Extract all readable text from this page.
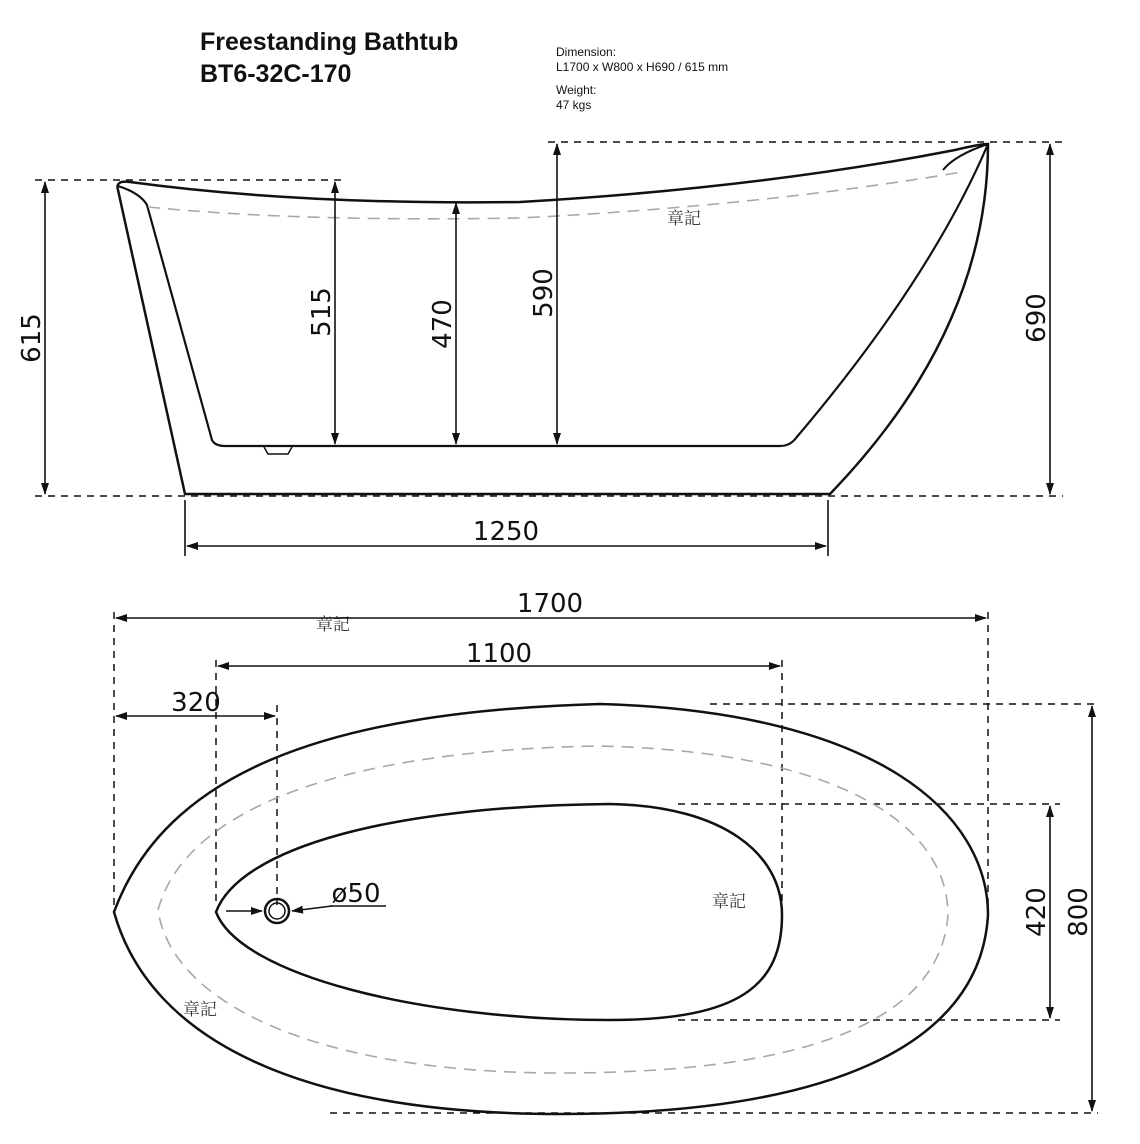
Freestanding Bathtub
BT6-32C-170
Dimension:
L1700 x W800 x H690 / 615 mm
Weight:
47 kgs
615
515	470
590
690
1250
章記
1700
1100
320
ø50	420 800
章記
章記
章記
